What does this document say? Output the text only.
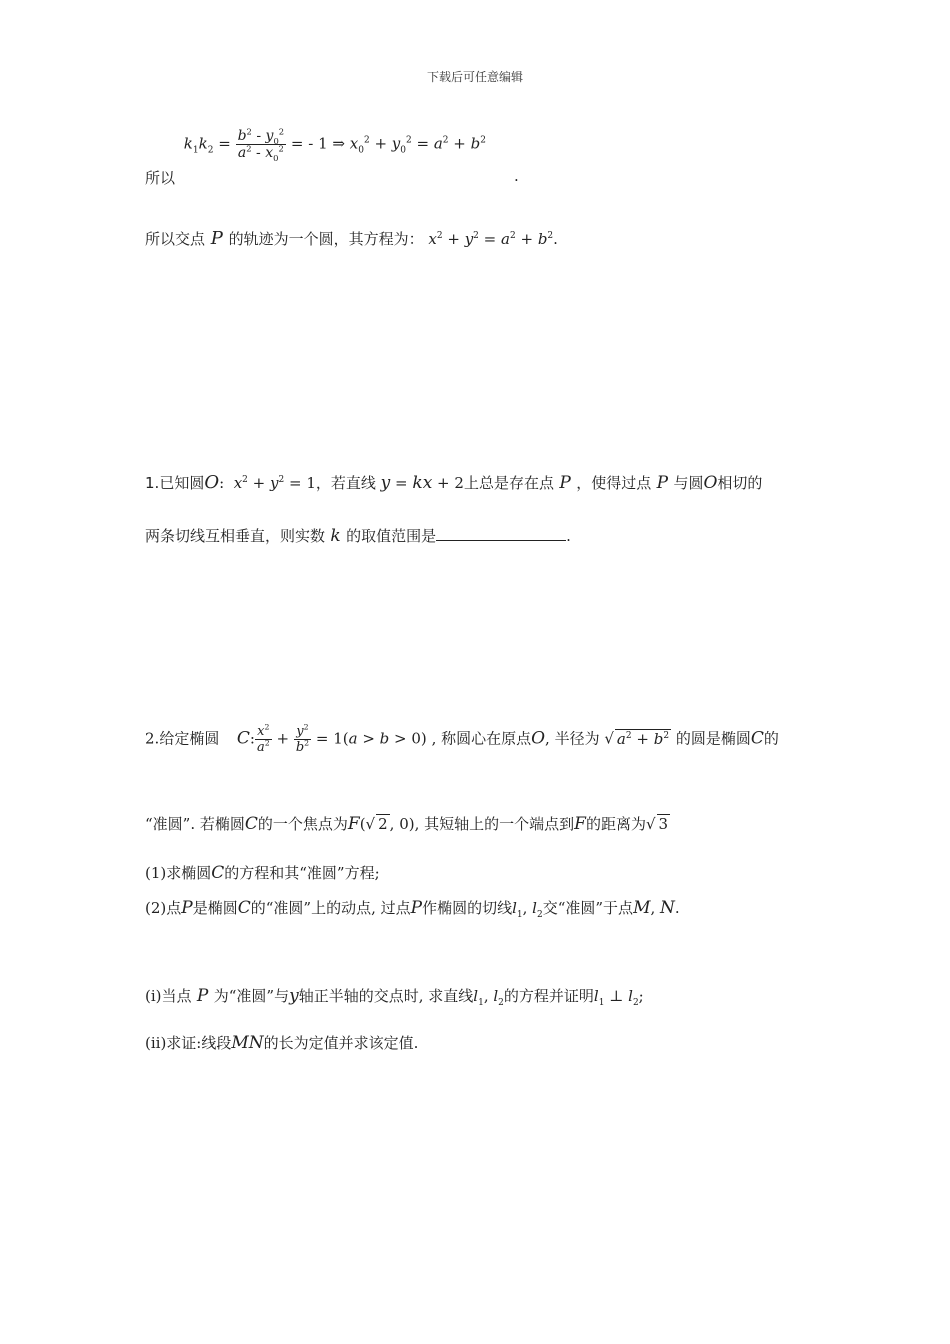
下载后可任意编辑
$k_1k_2 = \frac{b^2 - y_0^2}{a^2 - x_0^2}$ = - 1 ⇒ $x_0^2 + y_0^2 = a^2 + b^2$
所以	.
所以交点 P 的轨迹为一个圆，其方程为： $x^2 + y^2 = a^2 + b^2$.
1.已知圆O:  $x^2 + y^2 = 1$，若直线 y = kx + 2上总是存在点 P ，使得过点 P 与圆O相切的
两条切线互相垂直，则实数 k 的取值范围是	.
2.给定椭圆 C: $\frac{x^2}{a^2} + \frac{y^2}{b^2} = 1(a > b > 0)$ , 称圆心在原点O, 半径为 √ $a^2 + b^2$ 的圆是椭圆C的
“准圆”. 若椭圆C的一个焦点为F(√ 2 , 0), 其短轴上的一个端点到F的距离为√ 3
(1)求椭圆C的方程和其“准圆”方程;
(2)点P是椭圆C的“准圆”上的动点, 过点P作椭圆的切线$l_1$, $l_2$交“准圆”于点M, N.
(ⅰ)当点 P 为“准圆”与y轴正半轴的交点时, 求直线$l_1$, $l_2$的方程并证明$l_1$ ⊥ $l_2$;
(ⅱ)求证:线段MN的长为定值并求该定值.
